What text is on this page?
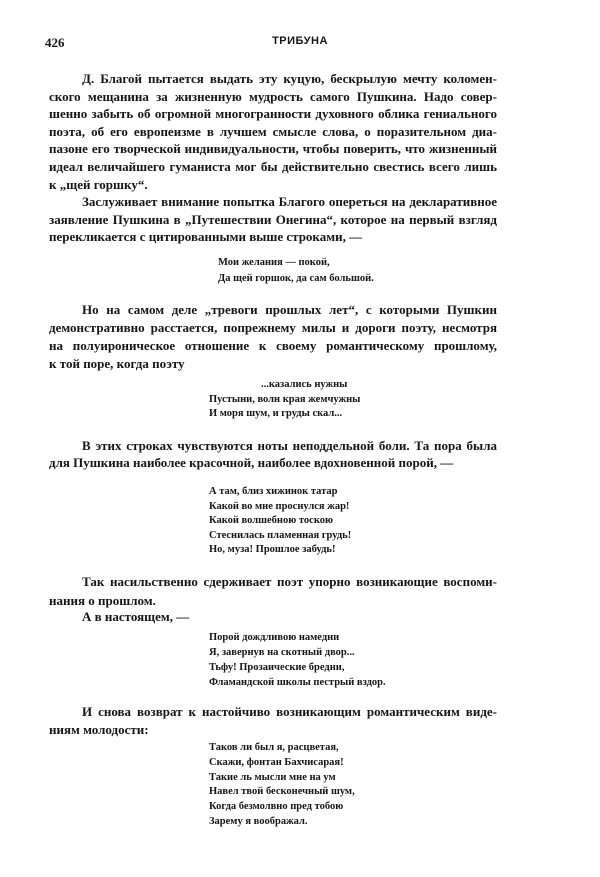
426	ТРИБУНА
Д. Благой пытается выдать эту куцую, бескрылую мечту коломен-
ского мещанина за жизненную мудрость самого Пушкина. Надо совер-
шенно забыть об огромной многогранности духовного облика гениального
поэта, об его европеизме в лучшем смысле слова, о поразительном диа-
пазоне его творческой индивидуальности, чтобы поверить, что жизненный
идеал величайшего гуманиста мог бы действительно свестись всего лишь
к „щей горшку“.
Заслуживает внимание попытка Благого опереться на декларативное
заявление Пушкина в „Путешествии Онегина“, которое на первый взгляд
перекликается с цитированными выше строками, —
Мои желания — покой,
Да щей горшок, да сам большой.
Но на самом деле „тревоги прошлых лет“, с которыми Пушкин
демонстративно расстается, попрежнему милы и дороги поэту, несмотря
на полуироническое отношение к своему романтическому прошлому,
к той поре, когда поэту
...казались нужны
Пустыни, волн края жемчужны
И моря шум, и груды скал...
В этих строках чувствуются ноты неподдельной боли. Та пора была
для Пушкина наиболее красочной, наиболее вдохновенной порой, —
А там, близ хижинок татар
Какой во мне проснулся жар!
Какой волшебною тоскою
Стеснилась пламенная грудь!
Но, муза! Прошлое забудь!
Так насильственно сдерживает поэт упорно возникающие воспоми-
нания о прошлом.
А в настоящем, —
Порой дождливою намедни
Я, завернув на скотный двор...
Тьфу! Прозаические бредни,
Фламандской школы пестрый вздор.
И снова возврат к настойчиво возникающим романтическим виде-
ниям молодости:
Таков ли был я, расцветая,
Скажи, фонтан Бахчисарая!
Такие ль мысли мне на ум
Навел твой бесконечный шум,
Когда безмолвно пред тобою
Зарему я воображал.
